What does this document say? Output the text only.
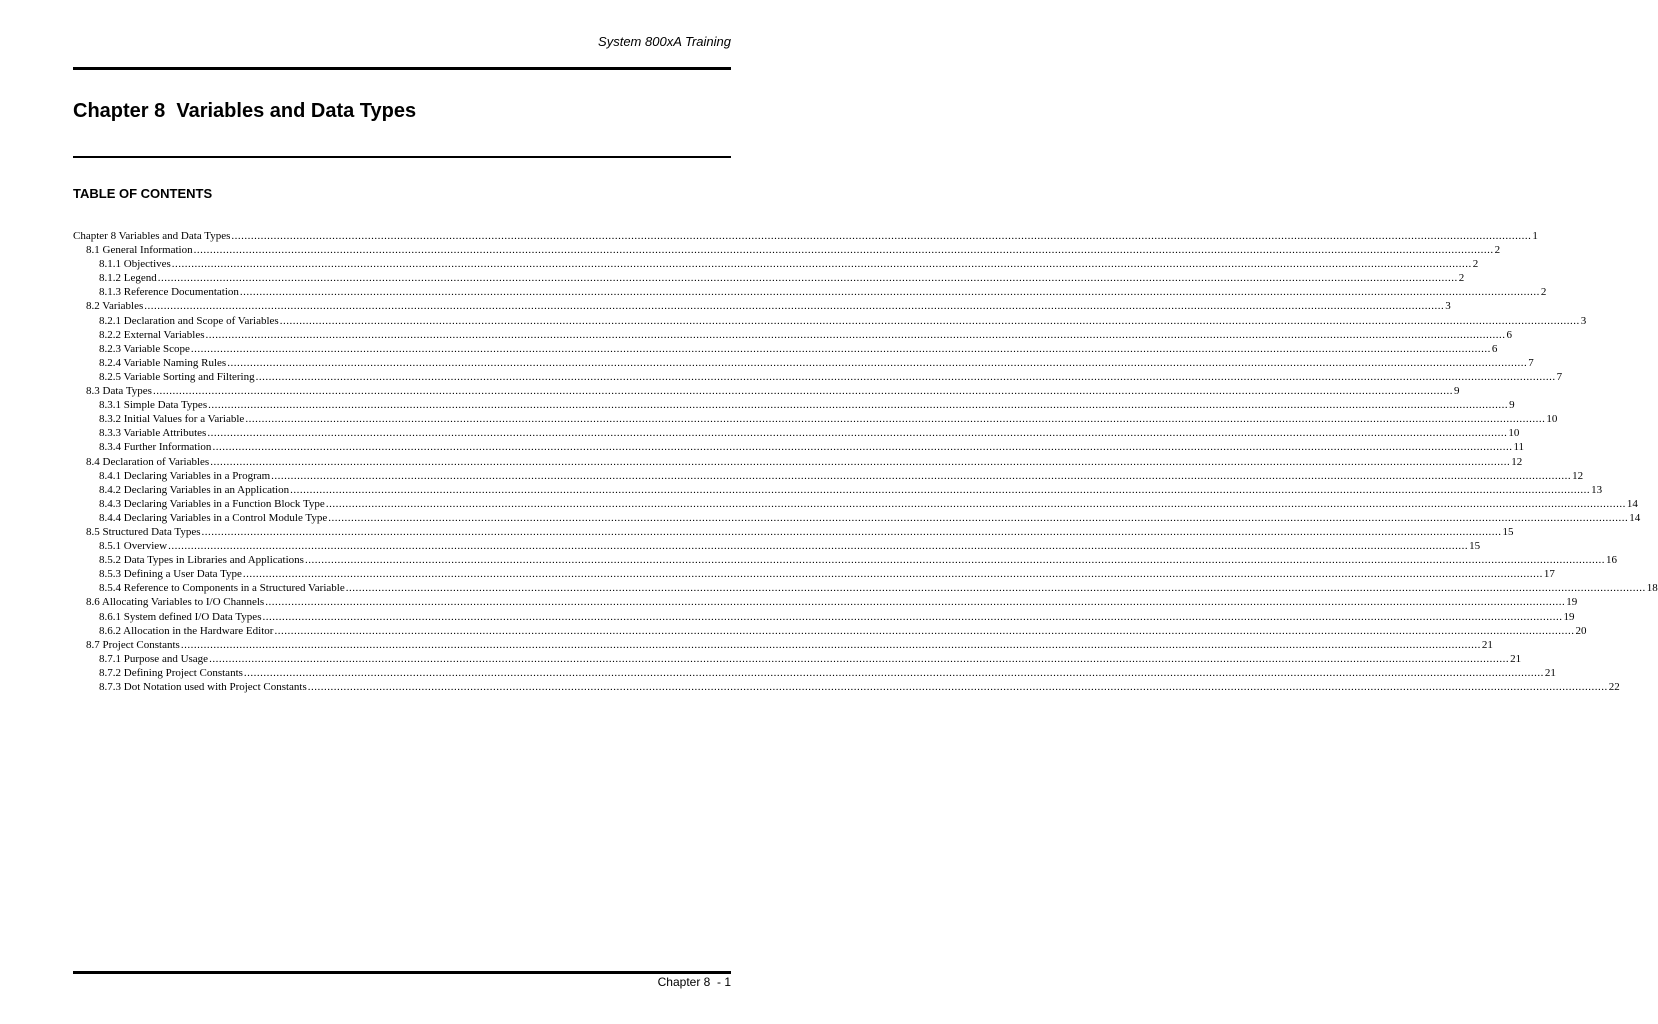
System 800xA Training
Chapter 8  Variables and Data Types
TABLE OF CONTENTS
Chapter 8 Variables and Data Types ................................................................................................................................................................................................................................................................................................................................................................................................................ 1
8.1 General Information ................................................................................................................................................................................................................................................................................................................................................................................................................ 2
8.1.1 Objectives ................................................................................................................................................................................................................................................................................................................................................................................................................ 2
8.1.2 Legend ................................................................................................................................................................................................................................................................................................................................................................................................................ 2
8.1.3 Reference Documentation ................................................................................................................................................................................................................................................................................................................................................................................................................ 2
8.2 Variables ................................................................................................................................................................................................................................................................................................................................................................................................................ 3
8.2.1 Declaration and Scope of Variables ................................................................................................................................................................................................................................................................................................................................................................................................................ 3
8.2.2 External Variables ................................................................................................................................................................................................................................................................................................................................................................................................................ 6
8.2.3 Variable Scope ................................................................................................................................................................................................................................................................................................................................................................................................................ 6
8.2.4 Variable Naming Rules ................................................................................................................................................................................................................................................................................................................................................................................................................ 7
8.2.5 Variable Sorting and Filtering ................................................................................................................................................................................................................................................................................................................................................................................................................ 7
8.3 Data Types ................................................................................................................................................................................................................................................................................................................................................................................................................ 9
8.3.1 Simple Data Types ................................................................................................................................................................................................................................................................................................................................................................................................................ 9
8.3.2 Initial Values for a Variable ................................................................................................................................................................................................................................................................................................................................................................................................................ 10
8.3.3 Variable Attributes ................................................................................................................................................................................................................................................................................................................................................................................................................ 10
8.3.4 Further Information ................................................................................................................................................................................................................................................................................................................................................................................................................ 11
8.4 Declaration of Variables ................................................................................................................................................................................................................................................................................................................................................................................................................ 12
8.4.1 Declaring Variables in a Program ................................................................................................................................................................................................................................................................................................................................................................................................................ 12
8.4.2 Declaring Variables in an Application ................................................................................................................................................................................................................................................................................................................................................................................................................ 13
8.4.3 Declaring Variables in a Function Block Type ................................................................................................................................................................................................................................................................................................................................................................................................................ 14
8.4.4 Declaring Variables in a Control Module Type ................................................................................................................................................................................................................................................................................................................................................................................................................ 14
8.5 Structured Data Types ................................................................................................................................................................................................................................................................................................................................................................................................................ 15
8.5.1 Overview ................................................................................................................................................................................................................................................................................................................................................................................................................ 15
8.5.2 Data Types in Libraries and Applications ................................................................................................................................................................................................................................................................................................................................................................................................................ 16
8.5.3 Defining a User Data Type ................................................................................................................................................................................................................................................................................................................................................................................................................ 17
8.5.4 Reference to Components in a Structured Variable ................................................................................................................................................................................................................................................................................................................................................................................................................ 18
8.6 Allocating Variables to I/O Channels ................................................................................................................................................................................................................................................................................................................................................................................................................ 19
8.6.1 System defined I/O Data Types ................................................................................................................................................................................................................................................................................................................................................................................................................ 19
8.6.2 Allocation in the Hardware Editor ................................................................................................................................................................................................................................................................................................................................................................................................................ 20
8.7 Project Constants ................................................................................................................................................................................................................................................................................................................................................................................................................ 21
8.7.1 Purpose and Usage ................................................................................................................................................................................................................................................................................................................................................................................................................ 21
8.7.2 Defining Project Constants ................................................................................................................................................................................................................................................................................................................................................................................................................ 21
8.7.3 Dot Notation used with Project Constants ................................................................................................................................................................................................................................................................................................................................................................................................................ 22
Chapter 8  - 1
